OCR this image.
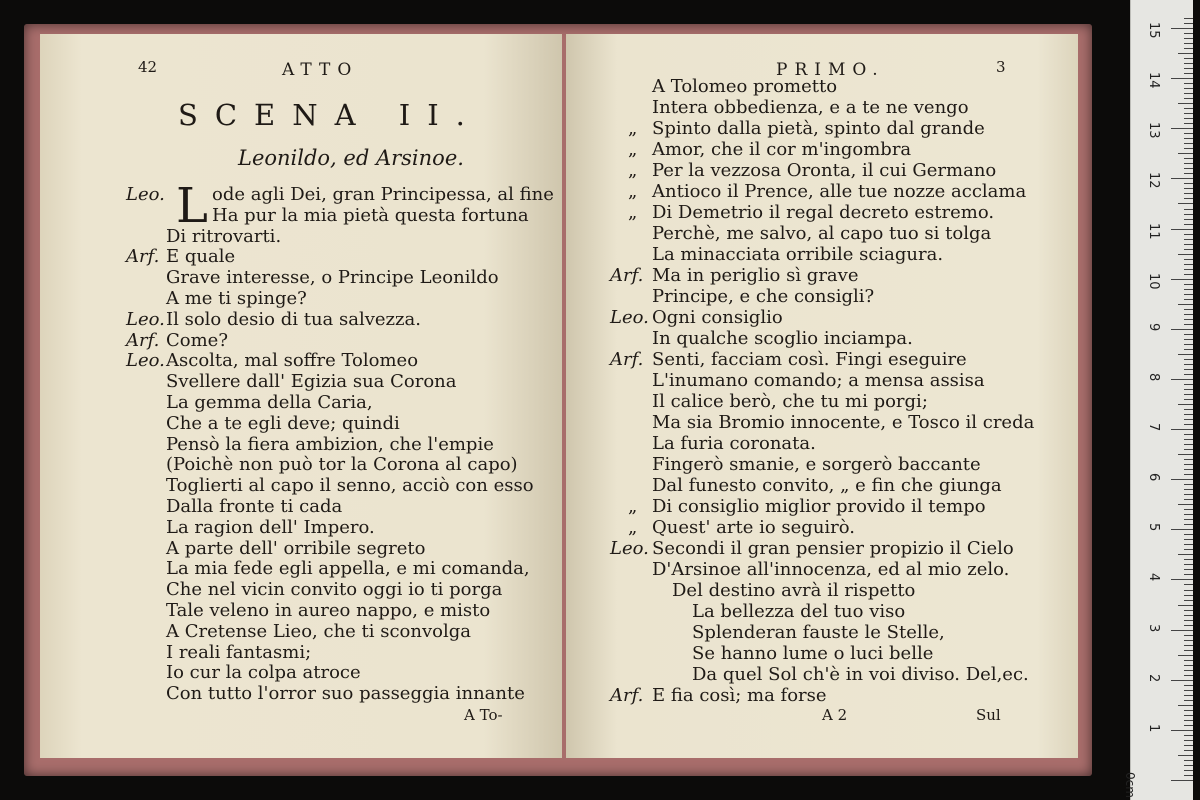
42	ATTO
SCENA II.
Leonildo, ed Arsinoe.
L
Leo.	ode agli Dei, gran Principessa, al fine
Ha pur la mia pietà questa fortuna
Di ritrovarti.
Arf. E quale
Grave interesse, o Principe Leonildo
A me ti spinge?
Leo. Il solo desio di tua salvezza.
Arf. Come?
Leo. Ascolta, mal soffre Tolomeo
Svellere dall' Egizia sua Corona
La gemma della Caria,
Che a te egli deve; quindi
Pensò la fiera ambizion, che l'empie
(Poichè non può tor la Corona al capo)
Toglierti al capo il senno, acciò con esso
Dalla fronte ti cada
La ragion dell' Impero.
A parte dell' orribile segreto
La mia fede egli appella, e mi comanda,
Che nel vicin convito oggi io ti porga
Tale veleno in aureo nappo, e misto
A Cretense Lieo, che ti sconvolga
I reali fantasmi;
Io cur la colpa atroce
Con tutto l'orror suo passeggia innante
A To-
PRIMO.	3
A Tolomeo prometto
Intera obbedienza, e a te ne vengo
„ Spinto dalla pietà, spinto dal grande
„ Amor, che il cor m'ingombra
„ Per la vezzosa Oronta, il cui Germano
„ Antioco il Prence, alle tue nozze acclama
„ Di Demetrio il regal decreto estremo.
Perchè, me salvo, al capo tuo si tolga
La minacciata orribile sciagura.
Arf. Ma in periglio sì grave
Principe, e che consigli?
Leo. Ogni consiglio
In qualche scoglio inciampa.
Arf. Senti, facciam così. Fingi eseguire
L'inumano comando; a mensa assisa
Il calice berò, che tu mi porgi;
Ma sia Bromio innocente, e Tosco il creda
La furia coronata.
Fingerò smanie, e sorgerò baccante
Dal funesto convito, „ e fin che giunga
„ Di consiglio miglior provido il tempo
„ Quest' arte io seguirò.
Leo. Secondi il gran pensier propizio il Cielo
D'Arsinoe all'innocenza, ed al mio zelo.
Del destino avrà il rispetto
La bellezza del tuo viso
Splenderan fauste le Stelle,
Se hanno lume o luci belle
Da quel Sol ch'è in voi diviso. Del,ec.
Arf. E fia così; ma forse
A 2	Sul
0cm
1
2
3
4
5
6
7
8
9
10
11
12
13
14
15
